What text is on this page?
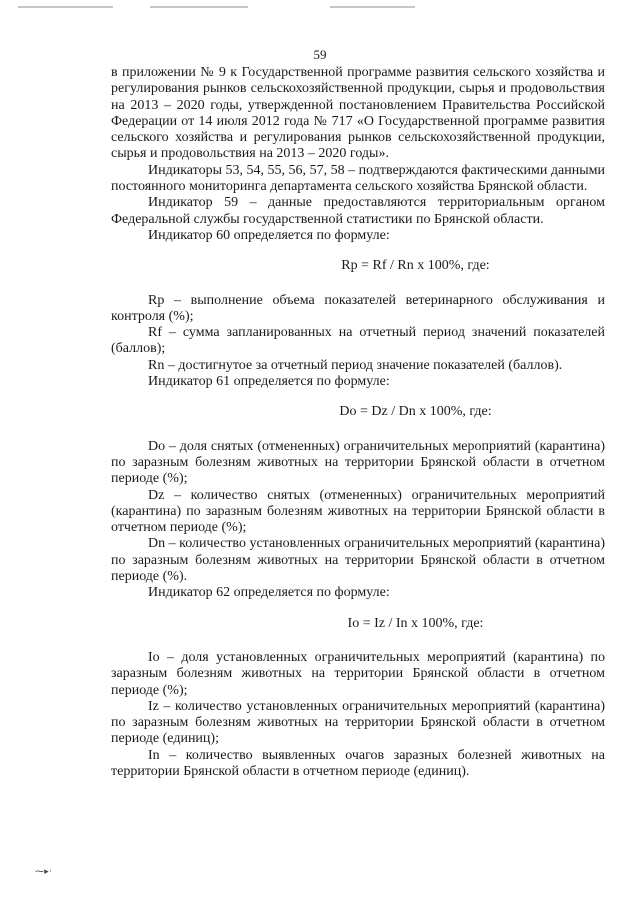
59

в приложении № 9 к Государственной программе развития сельского хозяйства и регулирования рынков сельскохозяйственной продукции, сырья и продовольствия на 2013 – 2020 годы, утвержденной постановлением Правительства Российской Федерации от 14 июля 2012 года № 717 «О Государственной программе развития сельского хозяйства и регулирования рынков сельскохозяйственной продукции, сырья и продовольствия на 2013 – 2020 годы».

Индикаторы 53, 54, 55, 56, 57, 58 – подтверждаются фактическими данными постоянного мониторинга департамента сельского хозяйства Брянской области.

Индикатор 59 – данные предоставляются территориальным органом Федеральной службы государственной статистики по Брянской области.

Индикатор 60 определяется по формуле:

Rp = Rf / Rn x 100%, где:

Rp – выполнение объема показателей ветеринарного обслуживания и контроля (%);

Rf – сумма запланированных на отчетный период значений показателей (баллов);

Rn – достигнутое за отчетный период значение показателей (баллов).

Индикатор 61 определяется по формуле:

Do = Dz / Dn x 100%, где:

Do – доля снятых (отмененных) ограничительных мероприятий (карантина) по заразным болезням животных на территории Брянской области в отчетном периоде (%);

Dz – количество снятых (отмененных) ограничительных мероприятий (карантина) по заразным болезням животных на территории Брянской области в отчетном периоде (%);

Dn – количество установленных ограничительных мероприятий (карантина) по заразным болезням животных на территории Брянской области в отчетном периоде (%).

Индикатор 62 определяется по формуле:

Io = Iz / In x 100%, где:

Io – доля установленных ограничительных мероприятий (карантина) по заразным болезням животных на территории Брянской области в отчетном периоде (%);

Iz – количество установленных ограничительных мероприятий (карантина) по заразным болезням животных на территории Брянской области в отчетном периоде (единиц);

In – количество выявленных очагов заразных болезней животных на территории Брянской области в отчетном периоде (единиц).

⁓ ▸ ·
